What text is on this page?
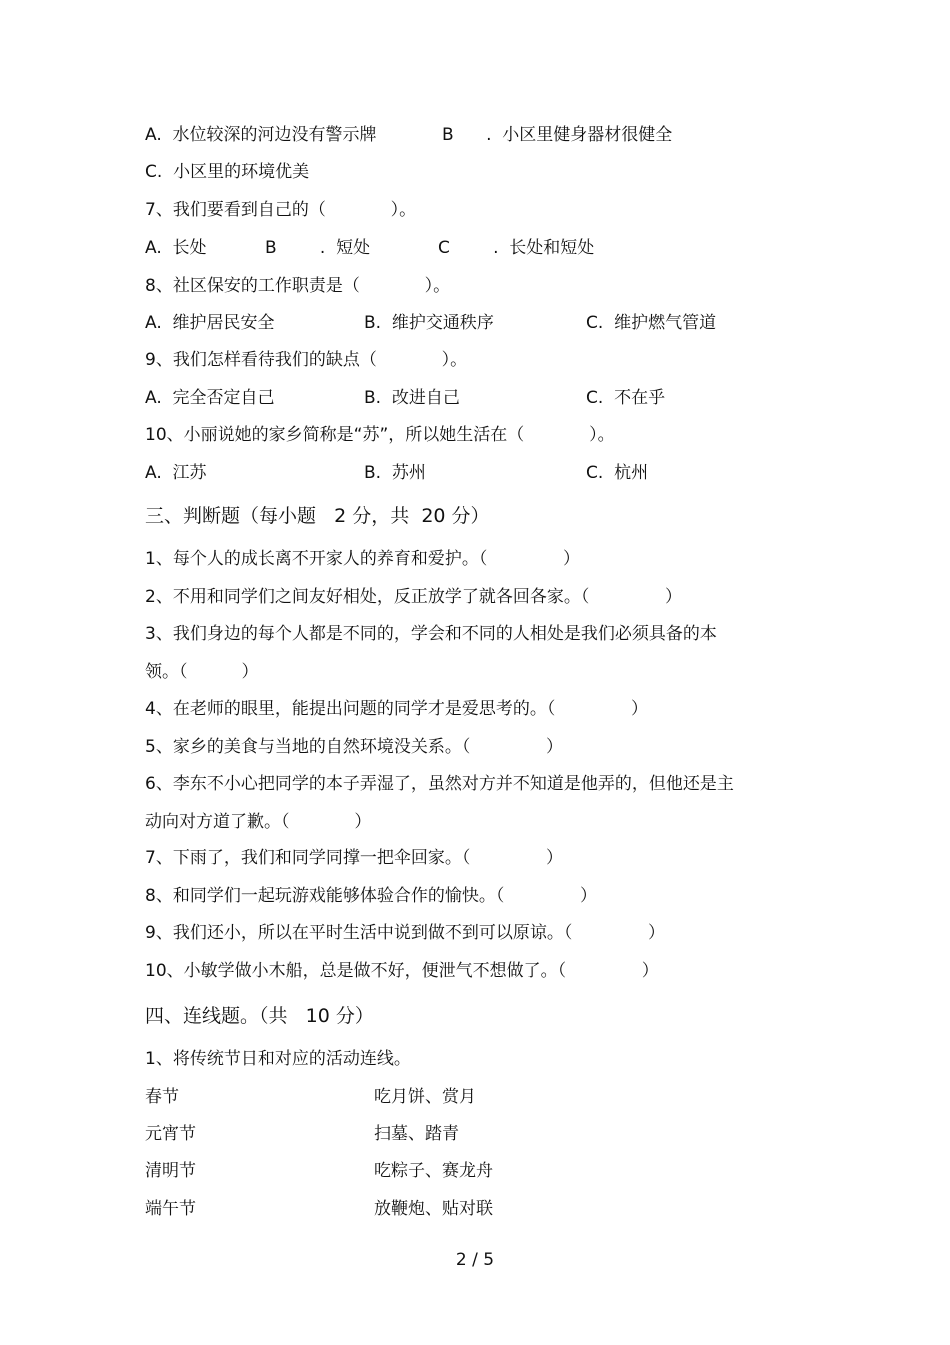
A.  水位较深的河边没有警示牌	B      .  小区里健身器材很健全
C.  小区里的环境优美
7、我们要看到自己的（            ）。
A.  长处	B        .  短处	C        .  长处和短处
8、社区保安的工作职责是（            ）。
A.  维护居民安全	B.  维护交通秩序	C.  维护燃气管道
9、我们怎样看待我们的缺点（            ）。
A.  完全否定自己	B.  改进自己	C.  不在乎
10、小丽说她的家乡简称是“苏”，所以她生活在（            ）。
A.  江苏	B.  苏州	C.  杭州
三、判断题（每小题   2 分，共  20 分）
1、每个人的成长离不开家人的养育和爱护。（              ）
2、不用和同学们之间友好相处，反正放学了就各回各家。（              ）
3、我们身边的每个人都是不同的，学会和不同的人相处是我们必须具备的本
领。（          ）
4、在老师的眼里，能提出问题的同学才是爱思考的。（              ）
5、家乡的美食与当地的自然环境没关系。（              ）
6、李东不小心把同学的本子弄湿了，虽然对方并不知道是他弄的，但他还是主
动向对方道了歉。（            ）
7、下雨了，我们和同学同撑一把伞回家。（              ）
8、和同学们一起玩游戏能够体验合作的愉快。（              ）
9、我们还小，所以在平时生活中说到做不到可以原谅。（              ）
10、小敏学做小木船，总是做不好，便泄气不想做了。（              ）
四、连线题。（共   10 分）
1、将传统节日和对应的活动连线。
春节	吃月饼、赏月
元宵节	扫墓、踏青
清明节	吃粽子、赛龙舟
端午节	放鞭炮、贴对联
2 / 5
